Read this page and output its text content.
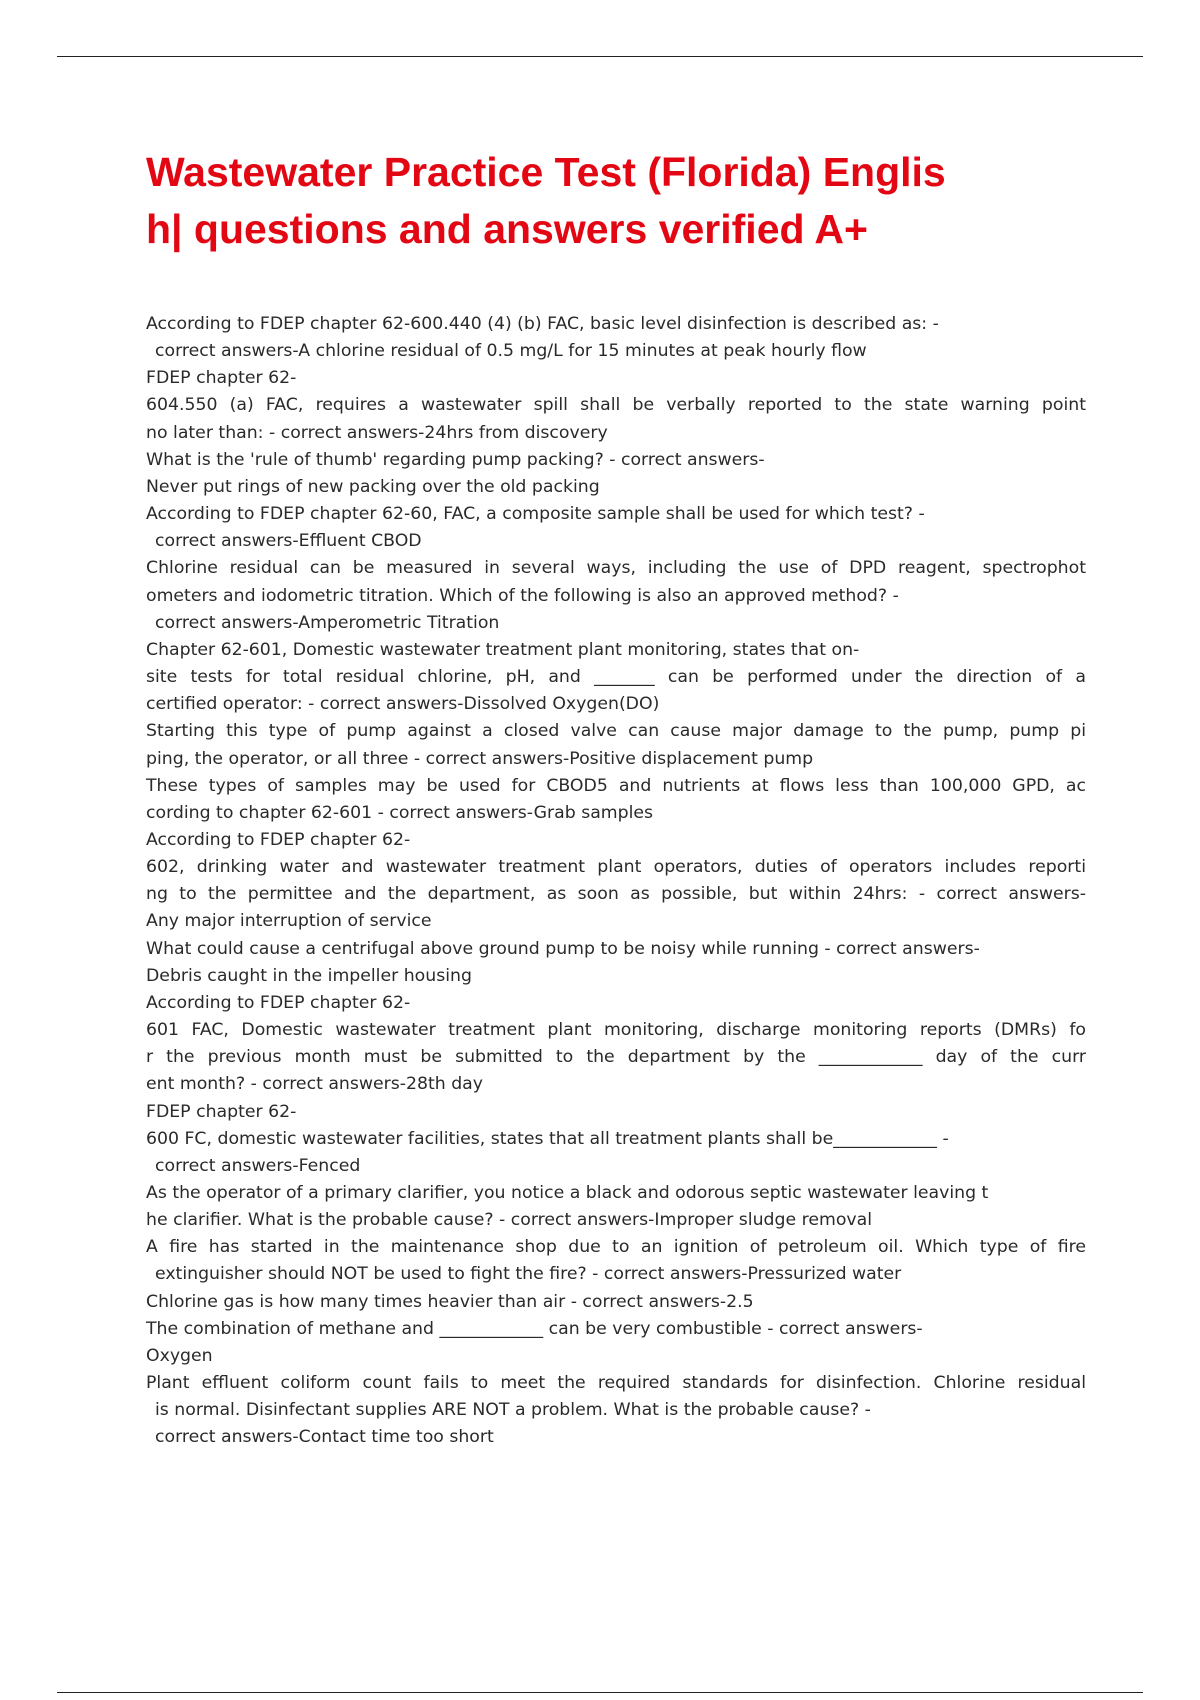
Wastewater Practice Test (Florida) Englis
h| questions and answers verified A+
According to FDEP chapter 62-600.440 (4) (b) FAC, basic level disinfection is described as: -
correct answers-A chlorine residual of 0.5 mg/L for 15 minutes at peak hourly flow
FDEP chapter 62-
604.550 (a) FAC, requires a wastewater spill shall be verbally reported to the state warning point
no later than: - correct answers-24hrs from discovery
What is the 'rule of thumb' regarding pump packing? - correct answers-
Never put rings of new packing over the old packing
According to FDEP chapter 62-60, FAC, a composite sample shall be used for which test? -
correct answers-Effluent CBOD
Chlorine residual can be measured in several ways, including the use of DPD reagent, spectrophot
ometers and iodometric titration. Which of the following is also an approved method? -
correct answers-Amperometric Titration
Chapter 62-601, Domestic wastewater treatment plant monitoring, states that on-
site tests for total residual chlorine, pH, and _______ can be performed under the direction of a
certified operator: - correct answers-Dissolved Oxygen(DO)
Starting this type of pump against a closed valve can cause major damage to the pump, pump pi
ping, the operator, or all three - correct answers-Positive displacement pump
These types of samples may be used for CBOD5 and nutrients at flows less than 100,000 GPD, ac
cording to chapter 62-601 - correct answers-Grab samples
According to FDEP chapter 62-
602, drinking water and wastewater treatment plant operators, duties of operators includes reporti
ng to the permittee and the department, as soon as possible, but within 24hrs: - correct answers-
Any major interruption of service
What could cause a centrifugal above ground pump to be noisy while running - correct answers-
Debris caught in the impeller housing
According to FDEP chapter 62-
601 FAC, Domestic wastewater treatment plant monitoring, discharge monitoring reports (DMRs) fo
r the previous month must be submitted to the department by the ____________ day of the curr
ent month? - correct answers-28th day
FDEP chapter 62-
600 FC, domestic wastewater facilities, states that all treatment plants shall be____________ -
correct answers-Fenced
As the operator of a primary clarifier, you notice a black and odorous septic wastewater leaving t
he clarifier. What is the probable cause? - correct answers-Improper sludge removal
A fire has started in the maintenance shop due to an ignition of petroleum oil. Which type of fire
extinguisher should NOT be used to fight the fire? - correct answers-Pressurized water
Chlorine gas is how many times heavier than air - correct answers-2.5
The combination of methane and ____________ can be very combustible - correct answers-
Oxygen
Plant effluent coliform count fails to meet the required standards for disinfection. Chlorine residual
is normal. Disinfectant supplies ARE NOT a problem. What is the probable cause? -
correct answers-Contact time too short
